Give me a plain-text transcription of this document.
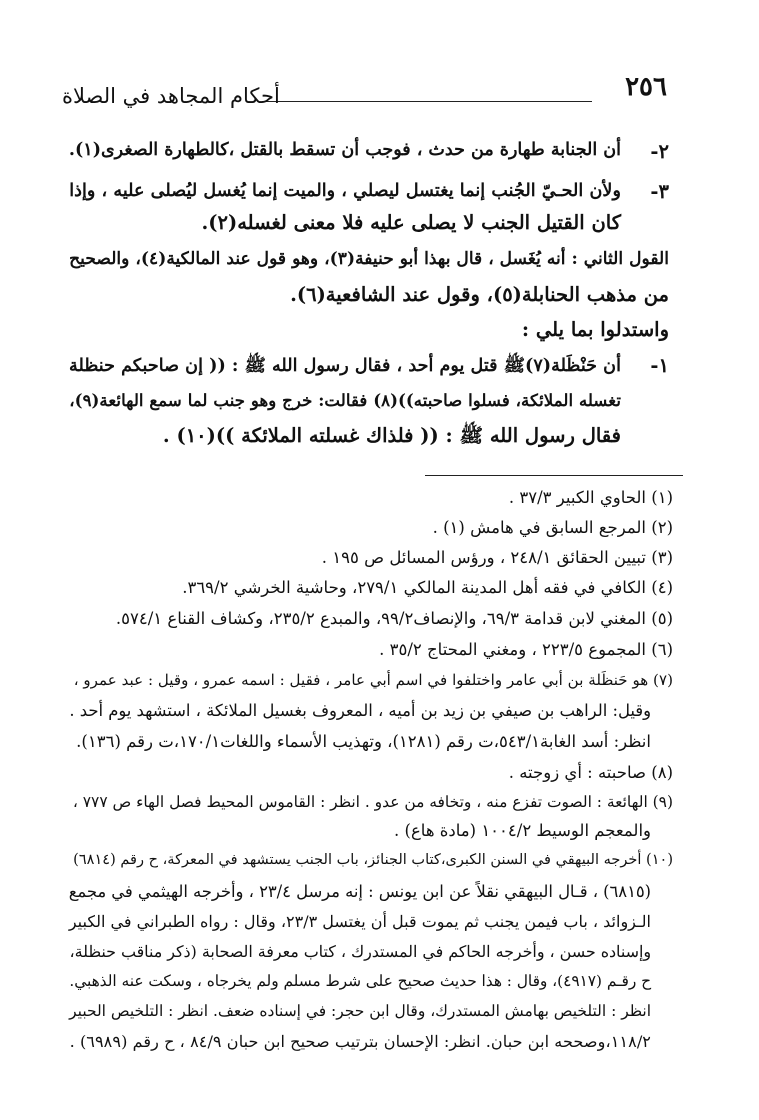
٢٥٦
أحكام المجاهد في الصلاة
٢-
أن الجنابة طهارة من حدث ، فوجب أن تسقط بالقتل ،كالطهارة الصغرى(١).
٣-
ولأن الحـيّ الجُنب إنما يغتسل ليصلي ، والميت إنما يُغسل ليُصلى عليه ، وإذا
كان القتيل الجنب لا يصلى عليه فلا معنى لغسله(٢).
القول الثاني : أنه يُغَسل ، قال بهذا أبو حنيفة(٣)، وهو قول عند المالكية(٤)، والصحيح
من مذهب الحنابلة(٥)، وقول عند الشافعية(٦).
واستدلوا بما يلي :
١-
أن حَنْظَلة(٧)ﷺ قتل يوم أحد ، فقال رسول الله ﷺ : (( إن صاحبكم حنظلة
تغسله الملائكة، فسلوا صاحبته))(٨) فقالت: خرج وهو جنب لما سمع الهائعة(٩)،
فقال رسول الله ﷺ : (( فلذاك غسلته الملائكة ))(١٠) .
(١) الحاوي الكبير ٣٧/٣ .
(٢) المرجع السابق في هامش (١) .
(٣) تبيين الحقائق ٢٤٨/١ ، ورؤس المسائل ص ١٩٥ .
(٤) الكافي في فقه أهل المدينة المالكي ٢٧٩/١، وحاشية الخرشي ٣٦٩/٢.
(٥) المغني لابن قدامة ٦٩/٣، والإنصاف٩٩/٢، والمبدع ٢٣٥/٢، وكشاف القناع ٥٧٤/١.
(٦) المجموع ٢٢٣/٥ ، ومغني المحتاج ٣٥/٢ .
(٧) هو حَنظَلة بن أبي عامر واختلفوا في اسم أبي عامر ، فقيل : اسمه عمرو ، وقيل : عبد عمرو ،
وقيل: الراهب بن صيفي بن زيد بن أميه ، المعروف بغسيل الملائكة ، استشهد يوم أحد .
انظر: أسد الغابة٥٤٣/١،ت رقم (١٢٨١)، وتهذيب الأسماء واللغات١٧٠/١،ت رقم (١٣٦).
(٨) صاحبته : أي زوجته .
(٩) الهائعة : الصوت تفزع منه ، وتخافه من عدو . انظر : القاموس المحيط فصل الهاء ص ٧٧٧ ،
والمعجم الوسيط ١٠٠٤/٢ (مادة هاع) .
(١٠) أخرجه البيهقي في السنن الكبرى،كتاب الجنائز، باب الجنب يستشهد في المعركة، ح رقم (٦٨١٤)
(٦٨١٥) ، قـال البيهقي نقلاً عن ابن يونس : إنه مرسل ٢٣/٤ ، وأخرجه الهيثمي في مجمع
الـزوائد ، باب فيمن يجنب ثم يموت قبل أن يغتسل ٢٣/٣، وقال : رواه الطبراني في الكبير
وإسناده حسن ، وأخرجه الحاكم في المستدرك ، كتاب معرفة الصحابة (ذكر مناقب حنظلة،
ح رقـم (٤٩١٧)، وقال : هذا حديث صحيح على شرط مسلم ولم يخرجاه ، وسكت عنه الذهبي.
انظر : التلخيص بهامش المستدرك، وقال ابن حجر: في إسناده ضعف. انظر : التلخيص الحبير
١١٨/٢،وصححه ابن حبان. انظر: الإحسان بترتيب صحيح ابن حبان ٨٤/٩ ، ح رقم (٦٩٨٩) .
